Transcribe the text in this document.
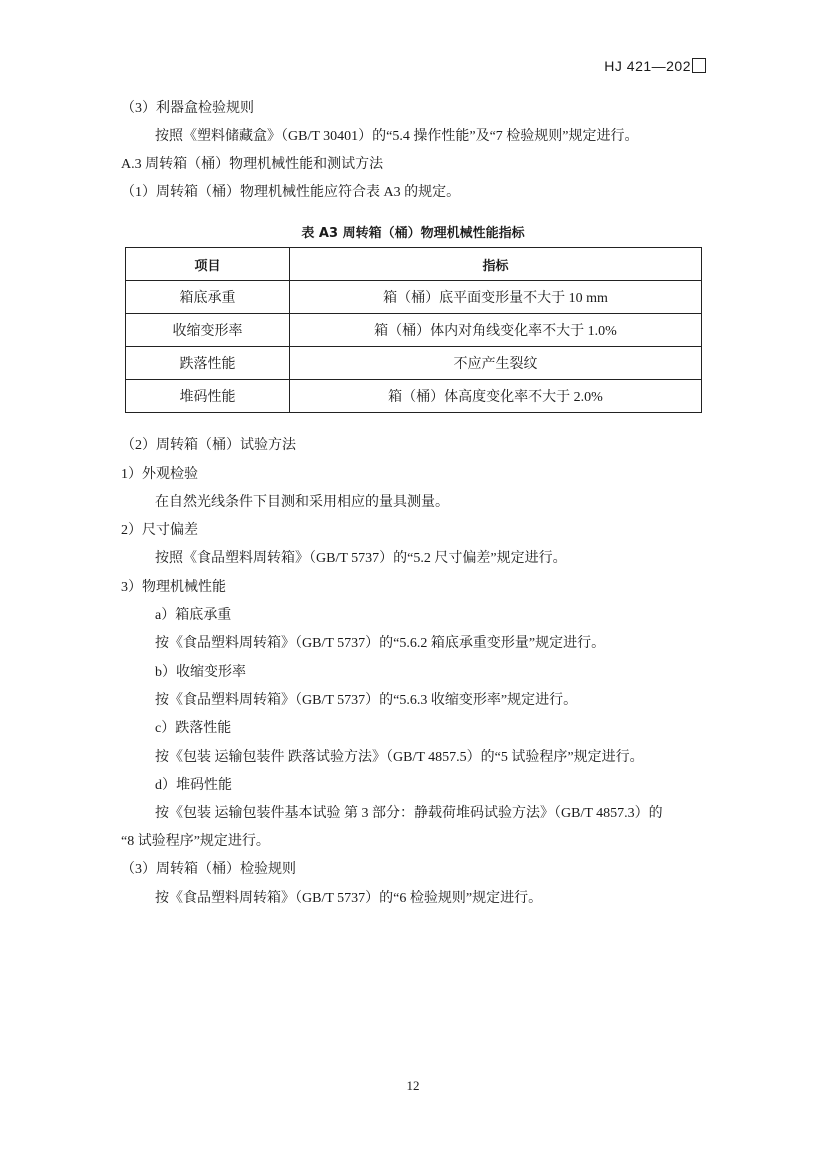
HJ 421—202
（3）利器盒检验规则
按照《塑料储藏盒》（GB/T 30401）的“5.4 操作性能”及“7 检验规则”规定进行。
A.3 周转箱（桶）物理机械性能和测试方法
（1）周转箱（桶）物理机械性能应符合表 A3 的规定。
表 A3 周转箱（桶）物理机械性能指标
项目	指标
箱底承重	箱（桶）底平面变形量不大于 10 mm
收缩变形率	箱（桶）体内对角线变化率不大于 1.0%
跌落性能	不应产生裂纹
堆码性能	箱（桶）体高度变化率不大于 2.0%
（2）周转箱（桶）试验方法
1）外观检验
在自然光线条件下目测和采用相应的量具测量。
2）尺寸偏差
按照《食品塑料周转箱》（GB/T 5737）的“5.2 尺寸偏差”规定进行。
3）物理机械性能
a）箱底承重
按《食品塑料周转箱》（GB/T 5737）的“5.6.2 箱底承重变形量”规定进行。
b）收缩变形率
按《食品塑料周转箱》（GB/T 5737）的“5.6.3 收缩变形率”规定进行。
c）跌落性能
按《包装 运输包装件 跌落试验方法》（GB/T 4857.5）的“5 试验程序”规定进行。
d）堆码性能
按《包装 运输包装件基本试验 第 3 部分：静载荷堆码试验方法》（GB/T 4857.3）的
“8 试验程序”规定进行。
（3）周转箱（桶）检验规则
按《食品塑料周转箱》（GB/T 5737）的“6 检验规则”规定进行。
12
